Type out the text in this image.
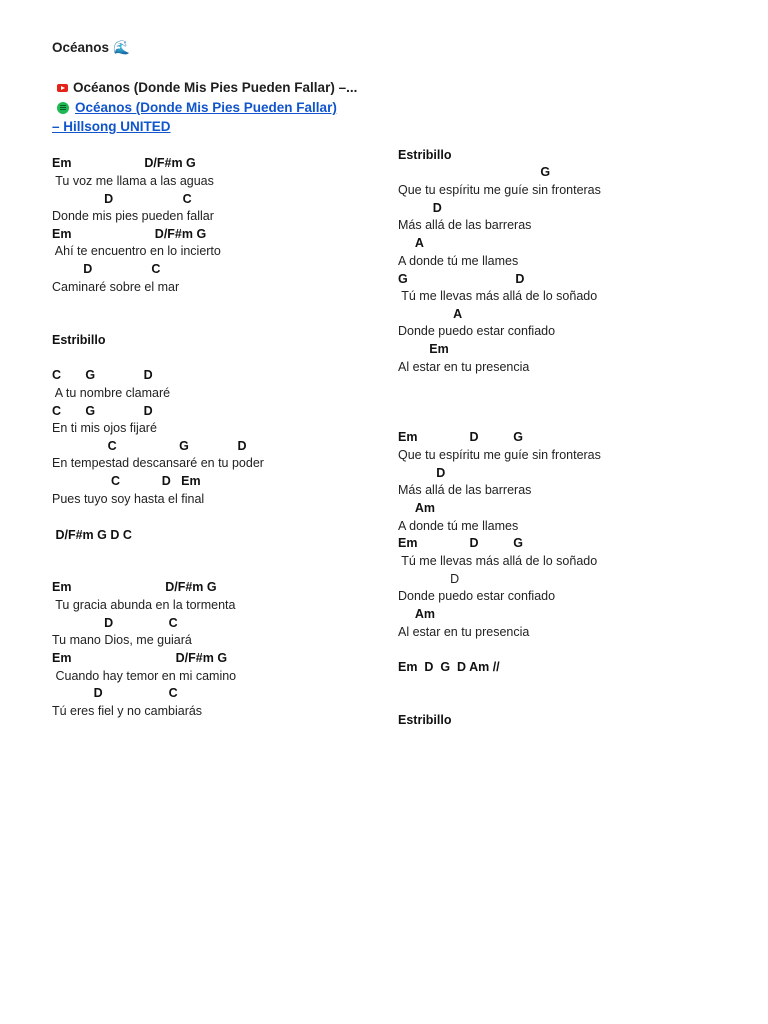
Océanos 🌊
Océanos (Donde Mis Pies Pueden Fallar) –...
Océanos (Donde Mis Pies Pueden Fallar)
– Hillsong UNITED
Em                     D/F#m G
Tu voz me llama a las aguas
D                    C
Donde mis pies pueden fallar
Em                        D/F#m G
Ahí te encuentro en lo incierto
D                 C
Caminaré sobre el mar
Estribillo
C       G              D
A tu nombre clamaré
C       G              D
En ti mis ojos fijaré
C                  G              D
En tempestad descansaré en tu poder
C            D   Em
Pues tuyo soy hasta el final
D/F#m G D C
Em                           D/F#m G
Tu gracia abunda en la tormenta
D                C
Tu mano Dios, me guiará
Em                              D/F#m G
Cuando hay temor en mi camino
D                   C
Tú eres fiel y no cambiarás
Estribillo
G
Que tu espíritu me guíe sin fronteras
D
Más allá de las barreras
A
A donde tú me llames
G                               D
Tú me llevas más allá de lo soñado
A
Donde puedo estar confiado
Em
Al estar en tu presencia
Em               D          G
Que tu espíritu me guíe sin fronteras
D
Más allá de las barreras
Am
A donde tú me llames
Em               D          G
Tú me llevas más allá de lo soñado
D
Donde puedo estar confiado
Am
Al estar en tu presencia
Em  D  G  D Am //
Estribillo
